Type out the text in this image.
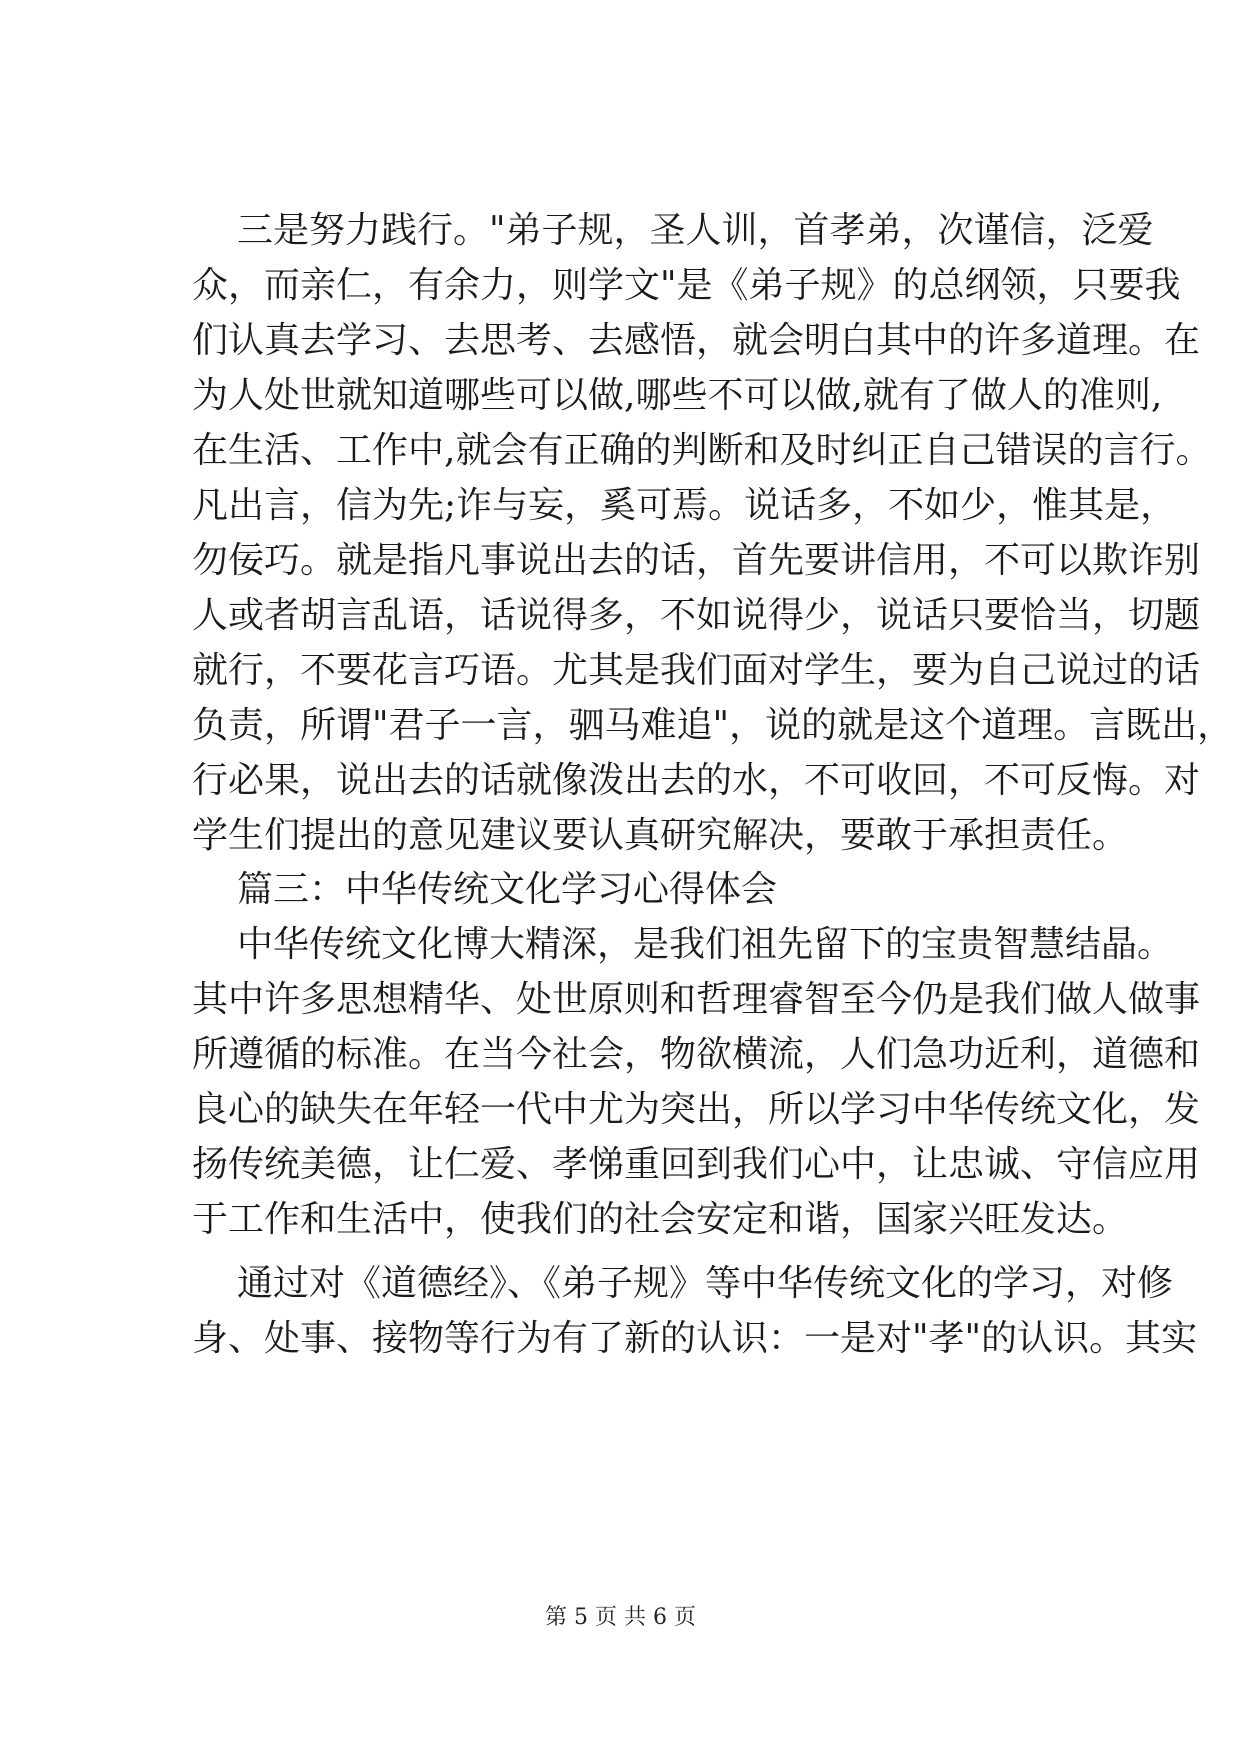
三是努力践行。"弟子规，圣人训，首孝弟，次谨信，泛爱
众，而亲仁，有余力，则学文"是《弟子规》的总纲领，只要我
们认真去学习、去思考、去感悟，就会明白其中的许多道理。在
为人处世就知道哪些可以做,哪些不可以做,就有了做人的准则,
在生活、工作中,就会有正确的判断和及时纠正自己错误的言行。
凡出言，信为先;诈与妄，奚可焉。说话多，不如少，惟其是，
勿佞巧。就是指凡事说出去的话，首先要讲信用，不可以欺诈别
人或者胡言乱语，话说得多，不如说得少，说话只要恰当，切题
就行，不要花言巧语。尤其是我们面对学生，要为自己说过的话
负责，所谓"君子一言，驷马难追"，说的就是这个道理。言既出，
行必果，说出去的话就像泼出去的水，不可收回，不可反悔。对
学生们提出的意见建议要认真研究解决，要敢于承担责任。
篇三：中华传统文化学习心得体会
中华传统文化博大精深，是我们祖先留下的宝贵智慧结晶。
其中许多思想精华、处世原则和哲理睿智至今仍是我们做人做事
所遵循的标准。在当今社会，物欲横流，人们急功近利，道德和
良心的缺失在年轻一代中尤为突出，所以学习中华传统文化，发
扬传统美德，让仁爱、孝悌重回到我们心中，让忠诚、守信应用
于工作和生活中，使我们的社会安定和谐，国家兴旺发达。
通过对《道德经》、《弟子规》等中华传统文化的学习，对修
身、处事、接物等行为有了新的认识：一是对"孝"的认识。其实
第 5 页 共 6 页
